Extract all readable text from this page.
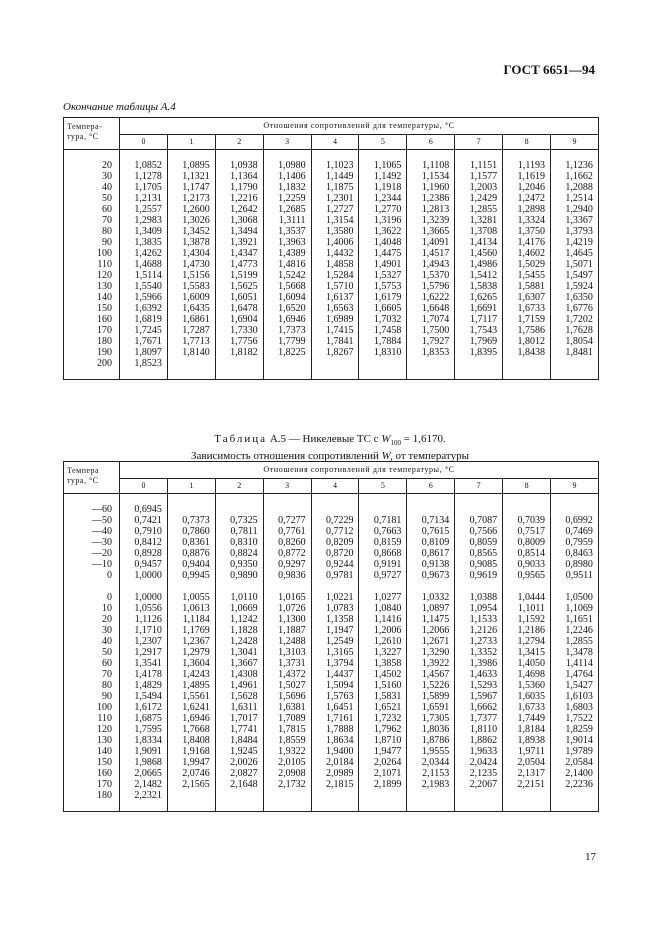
ГОСТ 6651—94
Окончание таблицы А.4
Темпера-
тура, °С	Отношения сопротивлений для температуры, °С									
	0	1	2	3	4	5	6	7	8	9

20	1,0852	1,0895	1,0938	1,0980	1,1023	1,1065	1,1108	1,1151	1,1193	1,1236
30	1,1278	1,1321	1,1364	1,1406	1,1449	1,1492	1,1534	1,1577	1,1619	1,1662
40	1,1705	1,1747	1,1790	1,1832	1,1875	1,1918	1,1960	1,2003	1,2046	1,2088
50	1,2131	1,2173	1,2216	1,2259	1,2301	1,2344	1,2386	1,2429	1,2472	1,2514
60	1,2557	1,2600	1,2642	1,2685	1,2727	1,2770	1,2813	1,2855	1,2898	1,2940
70	1,2983	1,3026	1,3068	1,3111	1,3154	1,3196	1,3239	1,3281	1,3324	1,3367
80	1,3409	1,3452	1,3494	1,3537	1,3580	1,3622	1,3665	1,3708	1,3750	1,3793
90	1,3835	1,3878	1,3921	1,3963	1,4006	1,4048	1,4091	1,4134	1,4176	1,4219
100	1,4262	1,4304	1,4347	1,4389	1,4432	1,4475	1,4517	1,4560	1,4602	1,4645
110	1,4688	1,4730	1,4773	1,4816	1,4858	1,4901	1,4943	1,4986	1,5029	1,5071
120	1,5114	1,5156	1,5199	1,5242	1,5284	1,5327	1,5370	1,5412	1,5455	1,5497
130	1,5540	1,5583	1,5625	1,5668	1,5710	1,5753	1,5796	1,5838	1,5881	1,5924
140	1,5966	1,6009	1,6051	1,6094	1,6137	1,6179	1,6222	1,6265	1,6307	1,6350
150	1,6392	1,6435	1,6478	1,6520	1,6563	1,6605	1,6648	1,6691	1,6733	1,6776
160	1,6819	1,6861	1,6904	1,6946	1,6989	1,7032	1,7074	1,7117	1,7159	1,7202
170	1,7245	1,7287	1,7330	1,7373	1,7415	1,7458	1,7500	1,7543	1,7586	1,7628
180	1,7671	1,7713	1,7756	1,7799	1,7841	1,7884	1,7927	1,7969	1,8012	1,8054
190	1,8097	1,8140	1,8182	1,8225	1,8267	1,8310	1,8353	1,8395	1,8438	1,8481
200	1,8523									

Таблица А.5 — Никелевые ТС с $W_{100} = 1,6170$.
Зависимость отношения сопротивлений $W_t$ от температуры
Темпера
тура, °С	Отношения сопротивлений для температуры, °С									
	0	1	2	3	4	5	6	7	8	9

—60	0,6945									
—50	0,7421	0,7373	0,7325	0,7277	0,7229	0,7181	0,7134	0,7087	0,7039	0,6992
—40	0,7910	0,7860	0,7811	0,7761	0,7712	0,7663	0,7615	0,7566	0,7517	0,7469
—30	0,8412	0,8361	0,8310	0,8260	0,8209	0,8159	0,8109	0,8059	0,8009	0,7959
—20	0,8928	0,8876	0,8824	0,8772	0,8720	0,8668	0,8617	0,8565	0,8514	0,8463
—10	0,9457	0,9404	0,9350	0,9297	0,9244	0,9191	0,9138	0,9085	0,9033	0,8980
0	1,0000	0,9945	0,9890	0,9836	0,9781	0,9727	0,9673	0,9619	0,9565	0,9511

0	1,0000	1,0055	1,0110	1,0165	1,0221	1,0277	1,0332	1,0388	1,0444	1,0500
10	1,0556	1,0613	1,0669	1,0726	1,0783	1,0840	1,0897	1,0954	1,1011	1,1069
20	1,1126	1,1184	1,1242	1,1300	1,1358	1,1416	1,1475	1,1533	1,1592	1,1651
30	1,1710	1,1769	1,1828	1,1887	1,1947	1,2006	1,2066	1,2126	1,2186	1,2246
40	1,2307	1,2367	1,2428	1,2488	1,2549	1,2610	1,2671	1,2733	1,2794	1,2855
50	1,2917	1,2979	1,3041	1,3103	1,3165	1,3227	1,3290	1,3352	1,3415	1,3478
60	1,3541	1,3604	1,3667	1,3731	1,3794	1,3858	1,3922	1,3986	1,4050	1,4114
70	1,4178	1,4243	1,4308	1,4372	1,4437	1,4502	1,4567	1,4633	1,4698	1,4764
80	1,4829	1,4895	1,4961	1,5027	1,5094	1,5160	1,5226	1,5293	1,5360	1,5427
90	1,5494	1,5561	1,5628	1,5696	1,5763	1,5831	1,5899	1,5967	1,6035	1,6103
100	1,6172	1,6241	1,6311	1,6381	1,6451	1,6521	1,6591	1,6662	1,6733	1,6803
110	1,6875	1,6946	1,7017	1,7089	1,7161	1,7232	1,7305	1,7377	1,7449	1,7522
120	1,7595	1,7668	1,7741	1,7815	1,7888	1,7962	1,8036	1,8110	1,8184	1,8259
130	1,8334	1,8408	1,8484	1,8559	1,8634	1,8710	1,8786	1,8862	1,8938	1,9014
140	1,9091	1,9168	1,9245	1,9322	1,9400	1,9477	1,9555	1,9633	1,9711	1,9789
150	1,9868	1,9947	2,0026	2,0105	2,0184	2,0264	2,0344	2,0424	2,0504	2,0584
160	2,0665	2,0746	2,0827	2,0908	2,0989	2,1071	2,1153	2,1235	2,1317	2,1400
170	2,1482	2,1565	2,1648	2,1732	2,1815	2,1899	2,1983	2,2067	2,2151	2,2236
180	2,2321									

17
